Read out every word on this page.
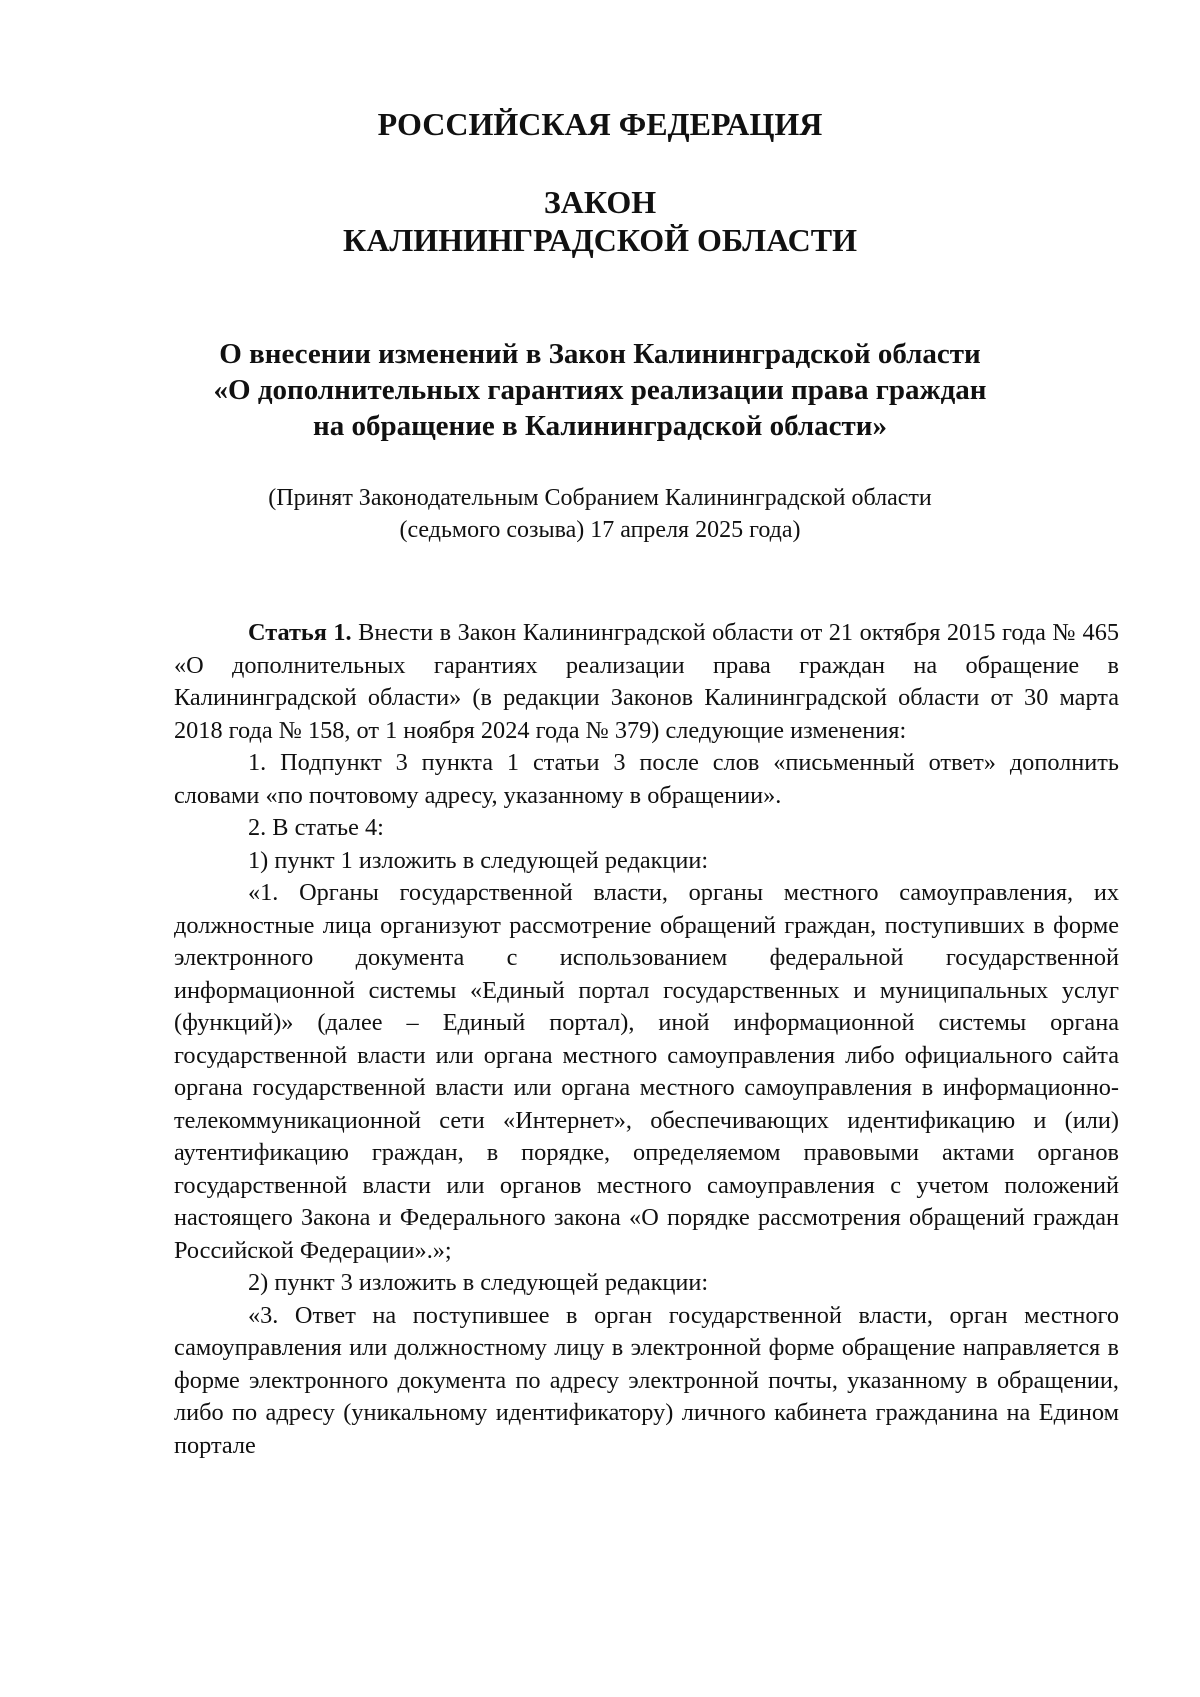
РОССИЙСКАЯ ФЕДЕРАЦИЯ
ЗАКОН
КАЛИНИНГРАДСКОЙ ОБЛАСТИ
О внесении изменений в Закон Калининградской области
«О дополнительных гарантиях реализации права граждан
на обращение в Калининградской области»
(Принят Законодательным Собранием Калининградской области
(седьмого созыва) 17 апреля 2025 года)

Статья 1. Внести в Закон Калининградской области от 21 октября 2015 года № 465 «О дополнительных гарантиях реализации права граждан на обращение в Калининградской области» (в редакции Законов Калининградской области от 30 марта 2018 года № 158, от 1 ноября 2024 года № 379) следующие изменения:

1. Подпункт 3 пункта 1 статьи 3 после слов «письменный ответ» дополнить словами «по почтовому адресу, указанному в обращении».

2. В статье 4:

1) пункт 1 изложить в следующей редакции:

«1. Органы государственной власти, органы местного самоуправления, их должностные лица организуют рассмотрение обращений граждан, поступивших в форме электронного документа с использованием федеральной государственной информационной системы «Единый портал государственных и муниципальных услуг (функций)» (далее – Единый портал), иной информационной системы органа государственной власти или органа местного самоуправления либо официального сайта органа государственной власти или органа местного самоуправления в информационно-телекоммуникационной сети «Интернет», обеспечивающих идентификацию и (или) аутентификацию граждан, в порядке, определяемом правовыми актами органов государственной власти или органов местного самоуправления с учетом положений настоящего Закона и Федерального закона «О порядке рассмотрения обращений граждан Российской Федерации».»;

2) пункт 3 изложить в следующей редакции:

«3. Ответ на поступившее в орган государственной власти, орган местного самоуправления или должностному лицу в электронной форме обращение направляется в форме электронного документа по адресу электронной почты, указанному в обращении, либо по адресу (уникальному идентификатору) личного кабинета гражданина на Едином портале
